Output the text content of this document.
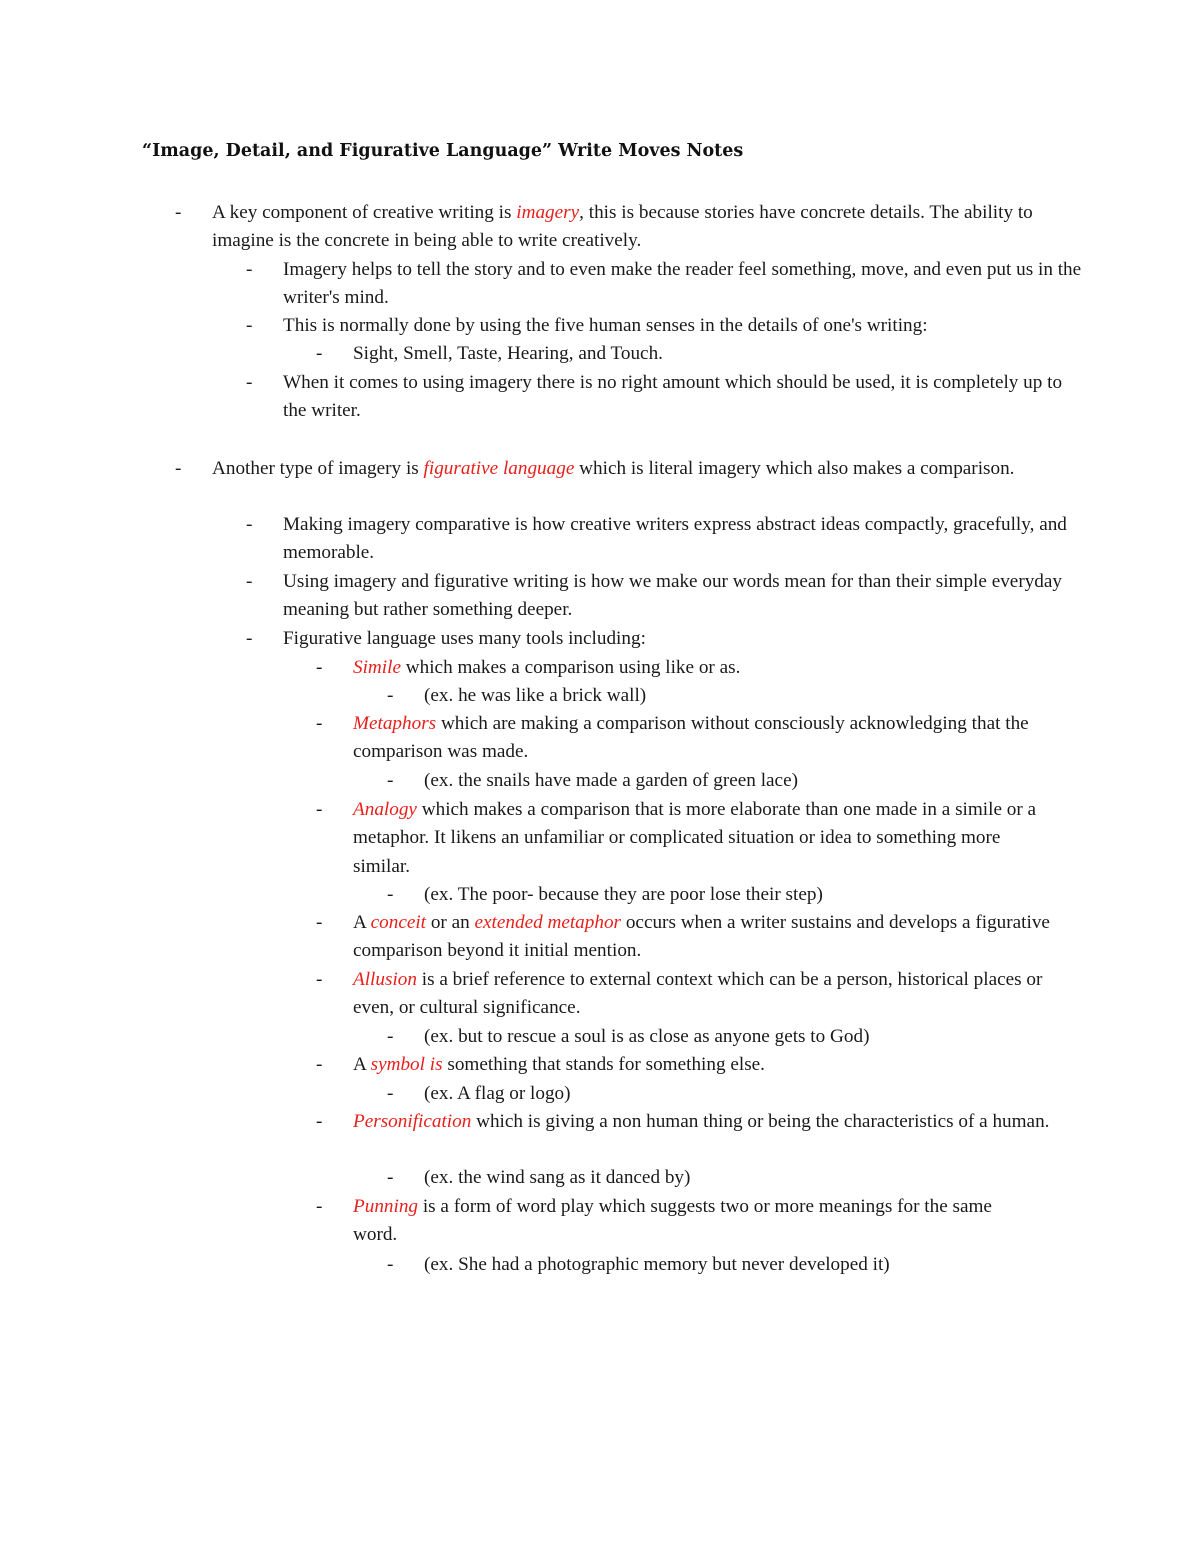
“Image, Detail, and Figurative Language” Write Moves Notes

- A key component of creative writing is imagery, this is because stories have concrete details. The ability to imagine is the concrete in being able to write creatively.

- Imagery helps to tell the story and to even make the reader feel something, move, and even put us in the writer's mind.

- This is normally done by using the five human senses in the details of one's writing:

- Sight, Smell, Taste, Hearing, and Touch.

- When it comes to using imagery there is no right amount which should be used, it is completely up to the writer.

- Another type of imagery is figurative language which is literal imagery which also makes a comparison.

- Making imagery comparative is how creative writers express abstract ideas compactly, gracefully, and memorable.

- Using imagery and figurative writing is how we make our words mean for than their simple everyday meaning but rather something deeper.

- Figurative language uses many tools including:

- Simile which makes a comparison using like or as.

- (ex. he was like a brick wall)

- Metaphors which are making a comparison without consciously acknowledging that the comparison was made.

- (ex. the snails have made a garden of green lace)

- Analogy which makes a comparison that is more elaborate than one made in a simile or a metaphor. It likens an unfamiliar or complicated situation or idea to something more similar.

- (ex. The poor- because they are poor lose their step)

- A conceit or an extended metaphor occurs when a writer sustains and develops a figurative comparison beyond it initial mention.

- Allusion is a brief reference to external context which can be a person, historical places or even, or cultural significance.

- (ex. but to rescue a soul is as close as anyone gets to God)

- A symbol is something that stands for something else.

- (ex. A flag or logo)

- Personification which is giving a non human thing or being the characteristics of a human.

- (ex. the wind sang as it danced by)

- Punning is a form of word play which suggests two or more meanings for the same word.

- (ex. She had a photographic memory but never developed it)
